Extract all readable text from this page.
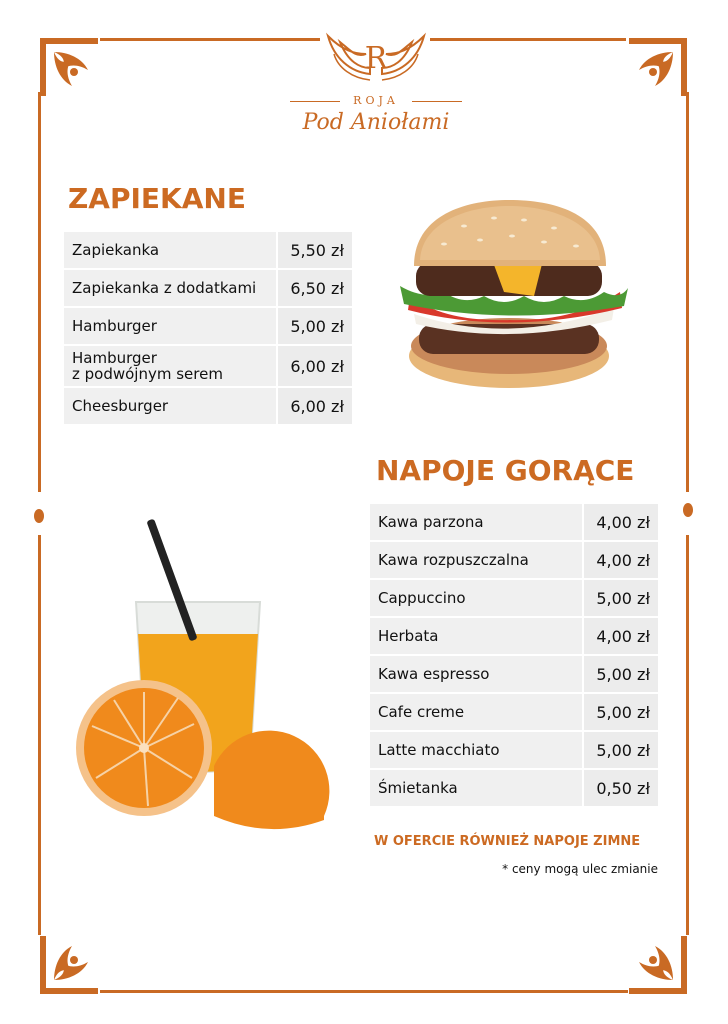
R
ROJA
Pod Aniołami
ZAPIEKANE
Zapiekanka	5,50 zł
Zapiekanka z dodatkami	6,50 zł
Hamburger	5,00 zł
Hamburger
z podwójnym serem	6,00 zł
Cheesburger	6,00 zł
NAPOJE GORĄCE
Kawa parzona	4,00 zł
Kawa rozpuszczalna	4,00 zł
Cappuccino	5,00 zł
Herbata	4,00 zł
Kawa espresso	5,00 zł
Cafe creme	5,00 zł
Latte macchiato	5,00 zł
Śmietanka	0,50 zł
W OFERCIE RÓWNIEŻ NAPOJE ZIMNE
* ceny mogą ulec zmianie
